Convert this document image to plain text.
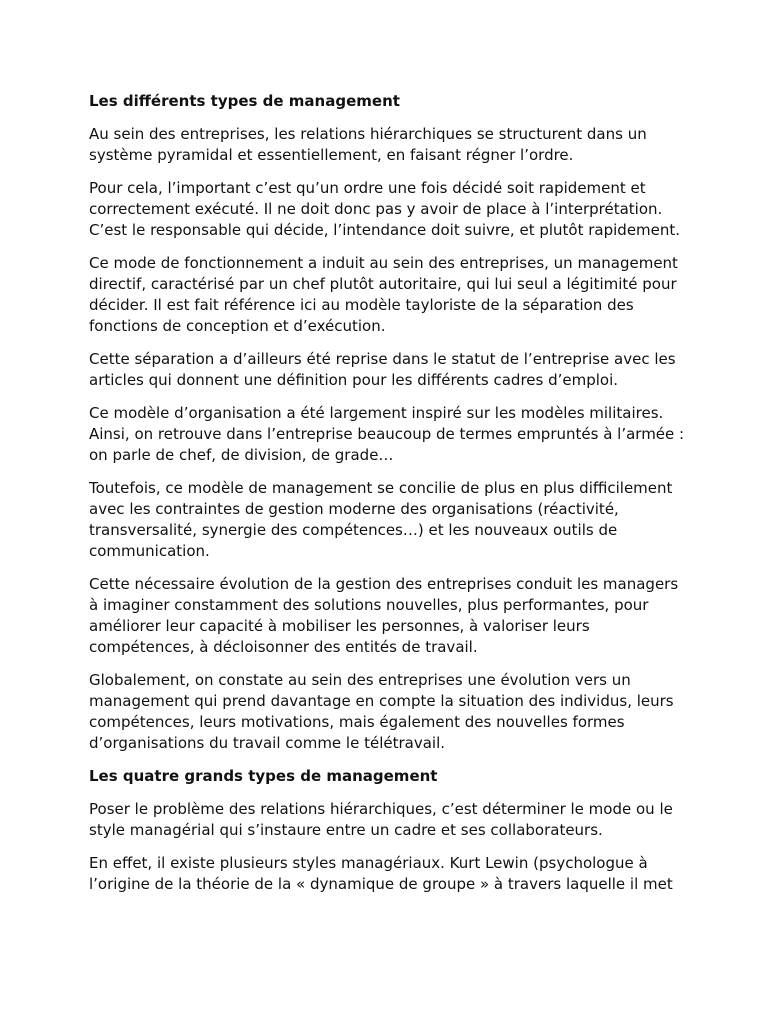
Les différents types de management

Au sein des entreprises, les relations hiérarchiques se structurent dans un système pyramidal et essentiellement, en faisant régner l’ordre.

Pour cela, l’important c’est qu’un ordre une fois décidé soit rapidement et correctement exécuté. Il ne doit donc pas y avoir de place à l’interprétation. C’est le responsable qui décide, l’intendance doit suivre, et plutôt rapidement.

Ce mode de fonctionnement a induit au sein des entreprises, un management directif, caractérisé par un chef plutôt autoritaire, qui lui seul a légitimité pour décider. Il est fait référence ici au modèle tayloriste de la séparation des fonctions de conception et d’exécution.

Cette séparation a d’ailleurs été reprise dans le statut de l’entreprise avec les articles qui donnent une définition pour les différents cadres d’emploi.

Ce modèle d’organisation a été largement inspiré sur les modèles militaires. Ainsi, on retrouve dans l’entreprise beaucoup de termes empruntés à l’armée : on parle de chef, de division, de grade…

Toutefois, ce modèle de management se concilie de plus en plus difficilement avec les contraintes de gestion moderne des organisations (réactivité, transversalité, synergie des compétences…) et les nouveaux outils de communication.

Cette nécessaire évolution de la gestion des entreprises conduit les managers à imaginer constamment des solutions nouvelles, plus performantes, pour améliorer leur capacité à mobiliser les personnes, à valoriser leurs compétences, à décloisonner des entités de travail.

Globalement, on constate au sein des entreprises une évolution vers un management qui prend davantage en compte la situation des individus, leurs compétences, leurs motivations, mais également des nouvelles formes d’organisations du travail comme le télétravail.

Les quatre grands types de management

Poser le problème des relations hiérarchiques, c’est déterminer le mode ou le style managérial qui s’instaure entre un cadre et ses collaborateurs.

En effet, il existe plusieurs styles managériaux. Kurt Lewin (psychologue à l’origine de la théorie de la « dynamique de groupe » à travers laquelle il met
